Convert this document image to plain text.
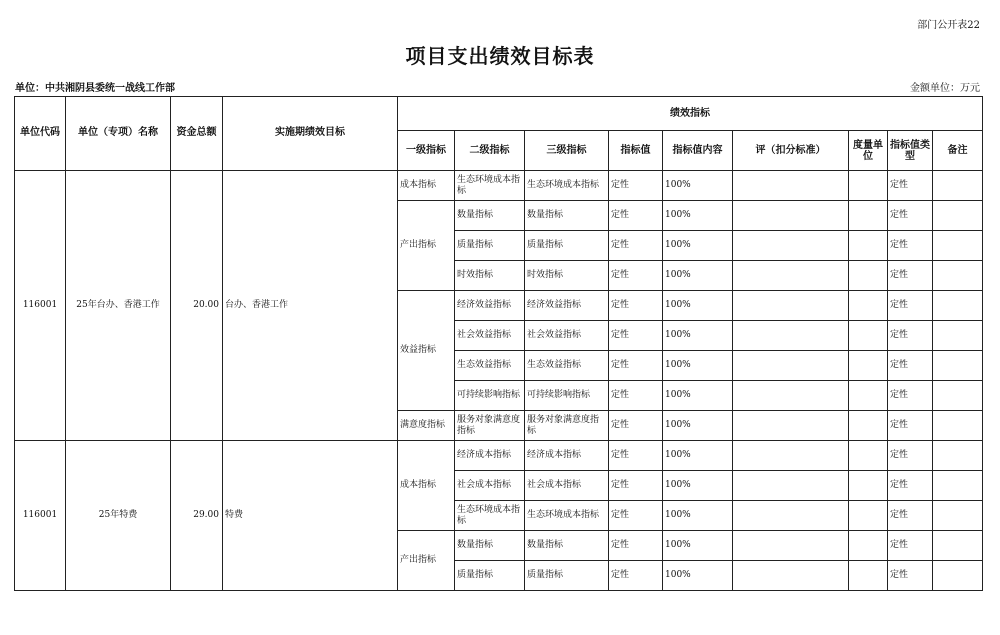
部门公开表22
项目支出绩效目标表
单位：中共湘阴县委统一战线工作部	金额单位：万元
单位代码	单位（专项）名称	资金总额	实施期绩效目标	绩效指标								
				一级指标	二级指标	三级指标	指标值	指标值内容	评（扣分标准）	度量单位	指标值类型	备注
116001	25年台办、香港工作	20.00	台办、香港工作	成本指标	生态环境成本指标	生态环境成本指标	定性	100%			定性	
				产出指标	数量指标	数量指标	定性	100%			定性	
					质量指标	质量指标	定性	100%			定性	
					时效指标	时效指标	定性	100%			定性	
				效益指标	经济效益指标	经济效益指标	定性	100%			定性	
					社会效益指标	社会效益指标	定性	100%			定性	
					生态效益指标	生态效益指标	定性	100%			定性	
					可持续影响指标	可持续影响指标	定性	100%			定性	
				满意度指标	服务对象满意度指标	服务对象满意度指标	定性	100%			定性	
116001	25年特费	29.00	特费	成本指标	经济成本指标	经济成本指标	定性	100%			定性	
					社会成本指标	社会成本指标	定性	100%			定性	
					生态环境成本指标	生态环境成本指标	定性	100%			定性	
				产出指标	数量指标	数量指标	定性	100%			定性	
					质量指标	质量指标	定性	100%			定性	
